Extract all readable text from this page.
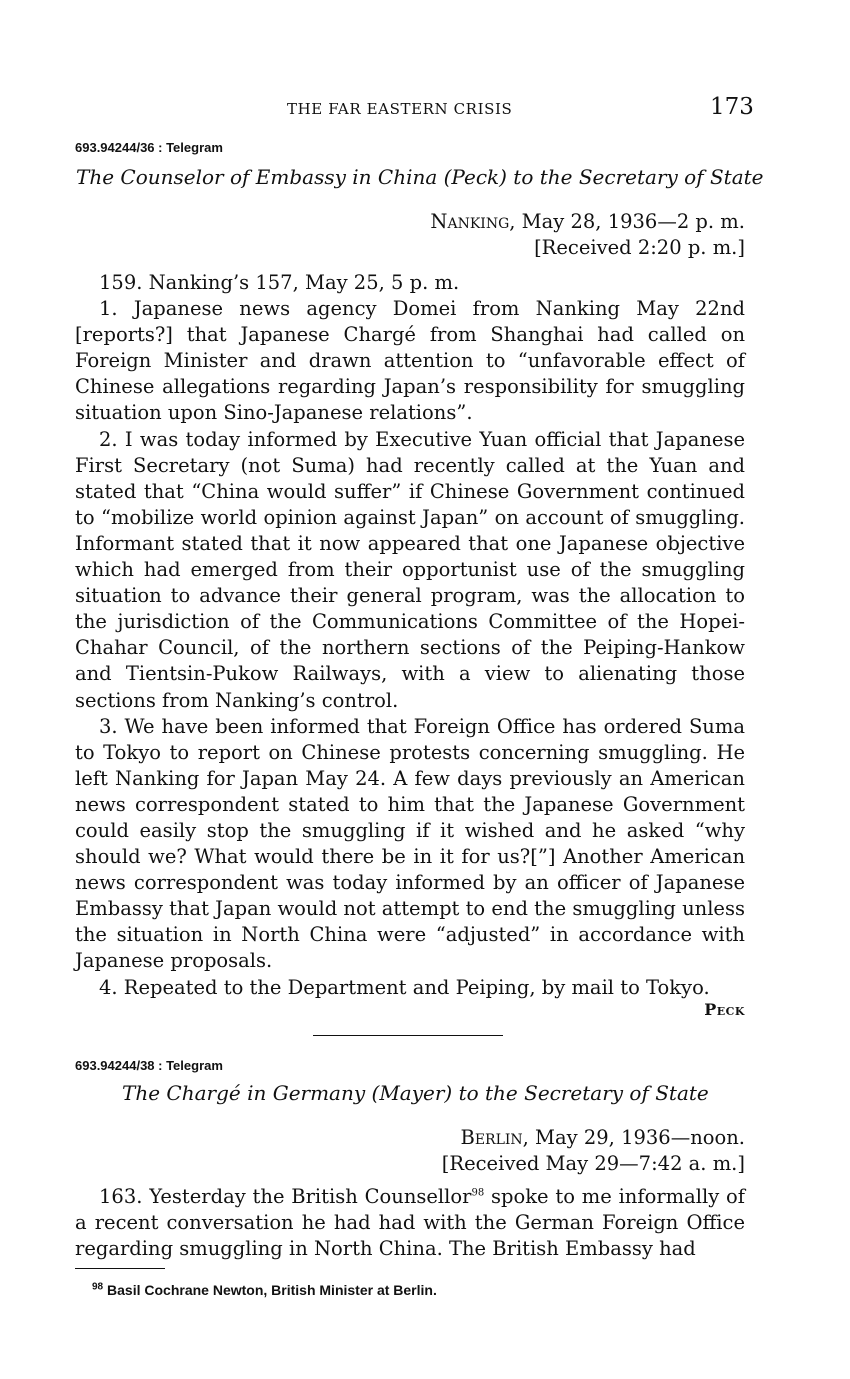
THE FAR EASTERN CRISIS	173
693.94244/36 : Telegram
The Counselor of Embassy in China (Peck) to the Secretary of State
Nanking, May 28, 1936—2 p. m.
[Received 2:20 p. m.]

159. Nanking’s 157, May 25, 5 p. m.

1. Japanese news agency Domei from Nanking May 22nd [reports?] that Japanese Chargé from Shanghai had called on Foreign Minister and drawn attention to “unfavorable effect of Chinese allegations regarding Japan’s responsibility for smuggling situation upon Sino-Japanese relations”.

2. I was today informed by Executive Yuan official that Japanese First Secretary (not Suma) had recently called at the Yuan and stated that “China would suffer” if Chinese Government continued to “mobilize world opinion against Japan” on account of smuggling. Informant stated that it now appeared that one Japanese objective which had emerged from their opportunist use of the smuggling situation to advance their general program, was the allocation to the jurisdiction of the Communications Committee of the Hopei-Chahar Council, of the northern sections of the Peiping-Hankow and Tientsin-Pukow Railways, with a view to alienating those sections from Nanking’s control.

3. We have been informed that Foreign Office has ordered Suma to Tokyo to report on Chinese protests concerning smuggling. He left Nanking for Japan May 24. A few days previously an American news correspondent stated to him that the Japanese Government could easily stop the smuggling if it wished and he asked “why should we? What would there be in it for us?[”] Another American news correspondent was today informed by an officer of Japanese Embassy that Japan would not attempt to end the smuggling unless the situation in North China were “adjusted” in accordance with Japanese proposals.

4. Repeated to the Department and Peiping, by mail to Tokyo.

Peck
693.94244/38 : Telegram
The Chargé in Germany (Mayer) to the Secretary of State
Berlin, May 29, 1936—noon.
[Received May 29—7:42 a. m.]

163. Yesterday the British Counsellor$^{98}$ spoke to me informally of a recent conversation he had had with the German Foreign Office regarding smuggling in North China. The British Embassy had

$^{98}$ Basil Cochrane Newton, British Minister at Berlin.
